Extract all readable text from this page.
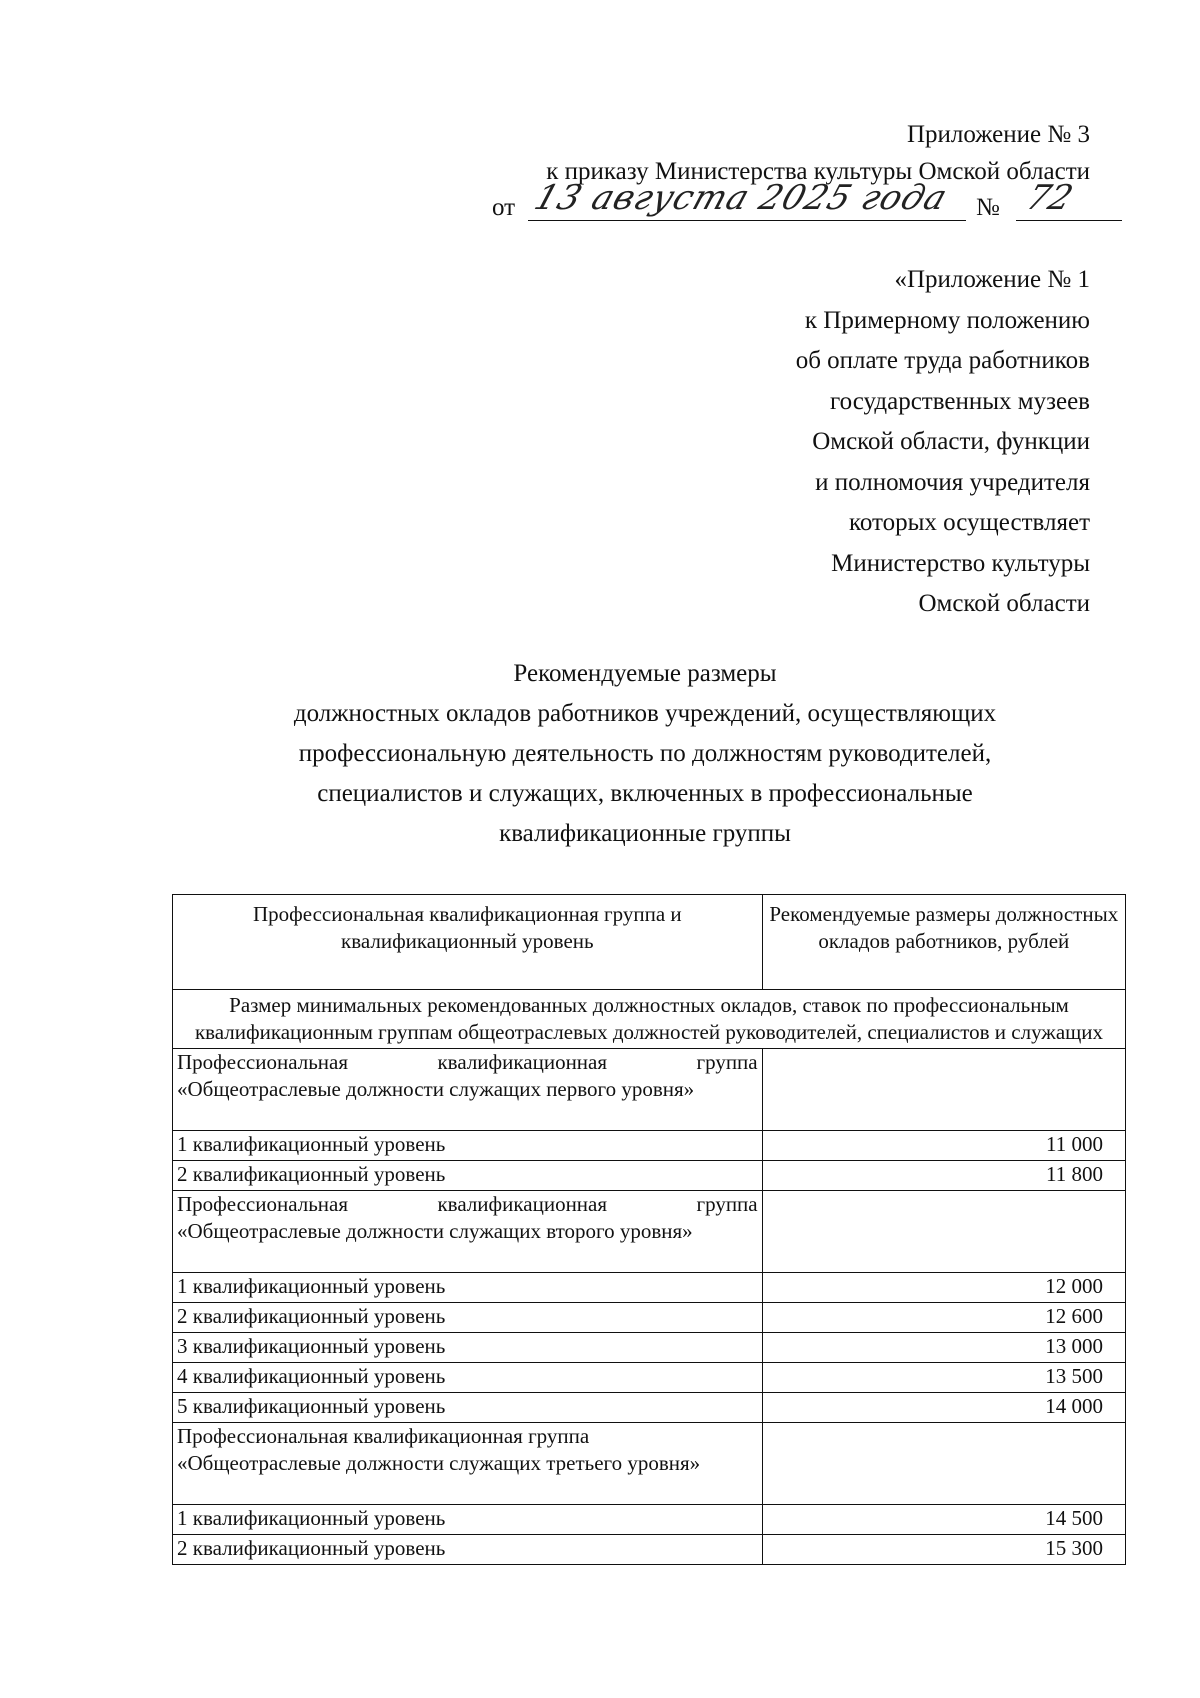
Приложение № 3
к приказу Министерства культуры Омской области
от 13 августа 2025 года № 72
«Приложение № 1
к Примерному положению
об оплате труда работников
государственных музеев
Омской области, функции
и полномочия учредителя
которых осуществляет
Министерство культуры
Омской области
Рекомендуемые размеры
должностных окладов работников учреждений, осуществляющих
профессиональную деятельность по должностям руководителей,
специалистов и служащих, включенных в профессиональные
квалификационные группы
Профессиональная квалификационная группа и квалификационный уровень	Рекомендуемые размеры должностных окладов работников, рублей
Размер минимальных рекомендованных должностных окладов, ставок по профессиональным квалификационным группам общеотраслевых должностей руководителей, специалистов и служащих	
Профессиональная квалификационная группа «Общеотраслевые должности служащих первого уровня»	
1 квалификационный уровень	11 000
2 квалификационный уровень	11 800
Профессиональная квалификационная группа «Общеотраслевые должности служащих второго уровня»	
1 квалификационный уровень	12 000
2 квалификационный уровень	12 600
3 квалификационный уровень	13 000
4 квалификационный уровень	13 500
5 квалификационный уровень	14 000
Профессиональная квалификационная группа «Общеотраслевые должности служащих третьего уровня»	
1 квалификационный уровень	14 500
2 квалификационный уровень	15 300
